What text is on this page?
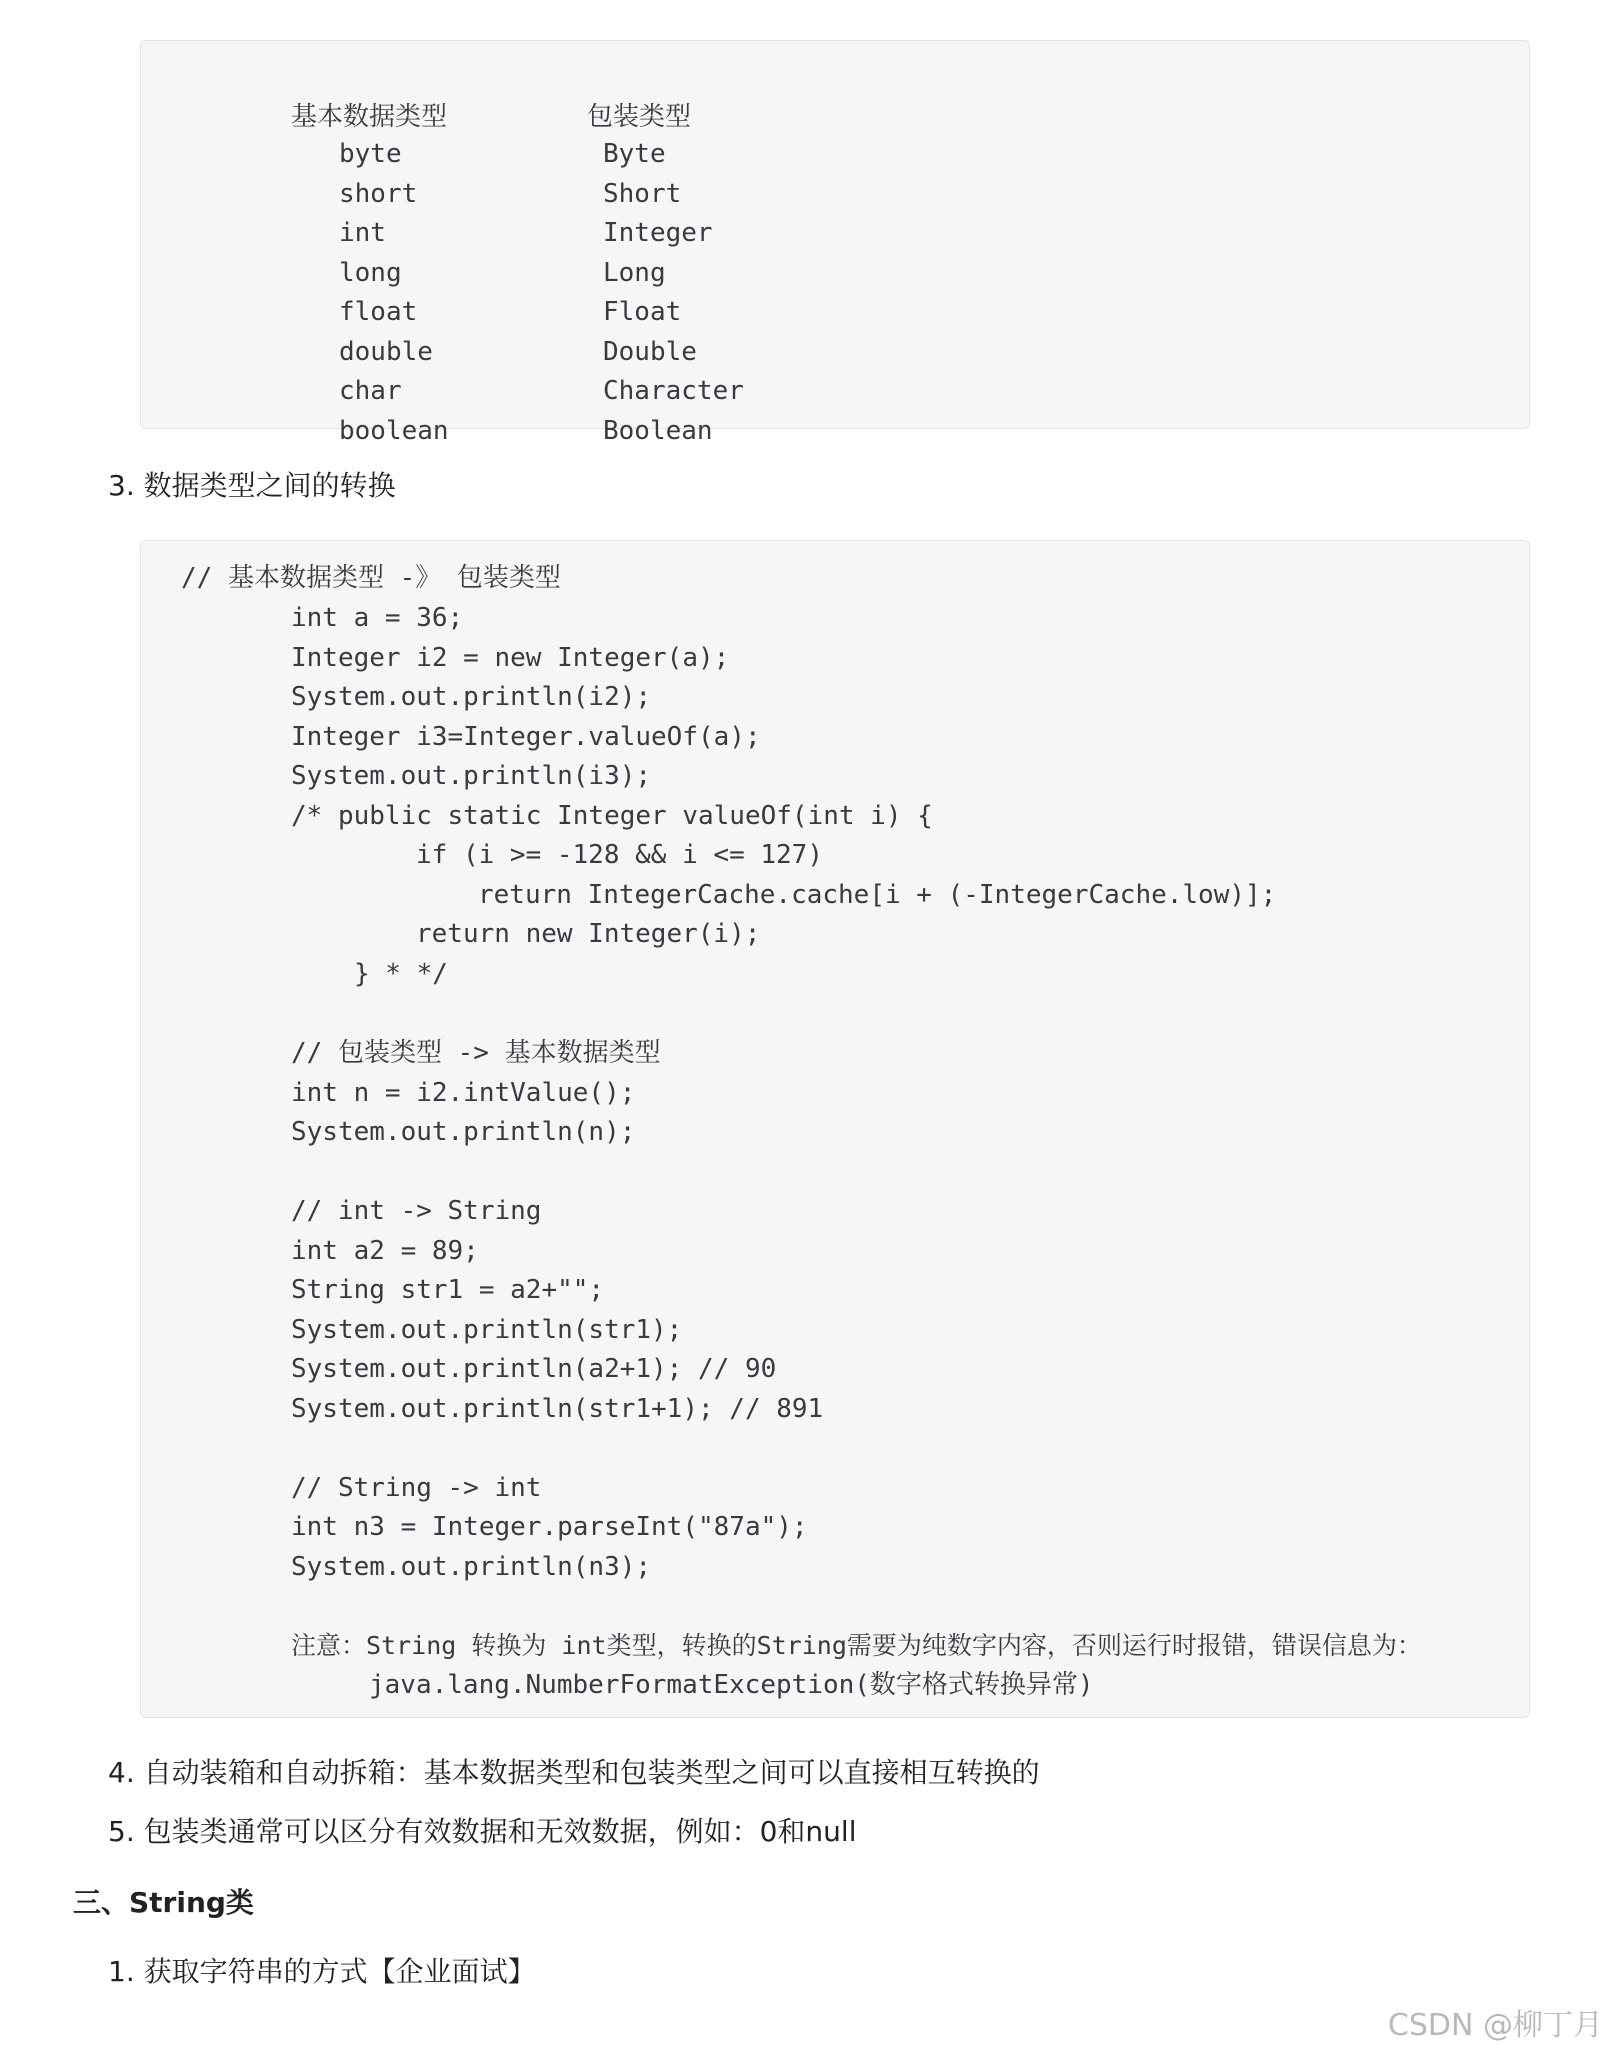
基本数据类型	包装类型
byte
short
int
long
float
double
char
boolean
Byte
Short
Integer
Long
Float
Double
Character
Boolean
3. 数据类型之间的转换
// 基本数据类型 -》 包装类型
int a = 36;
Integer i2 = new Integer(a);
System.out.println(i2);
Integer i3=Integer.valueOf(a);
System.out.println(i3);
/* public static Integer valueOf(int i) {
if (i >= -128 && i <= 127)
return IntegerCache.cache[i + (-IntegerCache.low)];
return new Integer(i);
} * */
// 包装类型 -> 基本数据类型
int n = i2.intValue();
System.out.println(n);
// int -> String
int a2 = 89;
String str1 = a2+"";
System.out.println(str1);
System.out.println(a2+1); // 90
System.out.println(str1+1); // 891
// String -> int
int n3 = Integer.parseInt("87a");
System.out.println(n3);
注意：String 转换为 int类型，转换的String需要为纯数字内容，否则运行时报错，错误信息为：
java.lang.NumberFormatException(数字格式转换异常)
4. 自动装箱和自动拆箱：基本数据类型和包装类型之间可以直接相互转换的
5. 包装类通常可以区分有效数据和无效数据，例如：0和null
三、String类
1. 获取字符串的方式【企业面试】
CSDN @柳丁月
